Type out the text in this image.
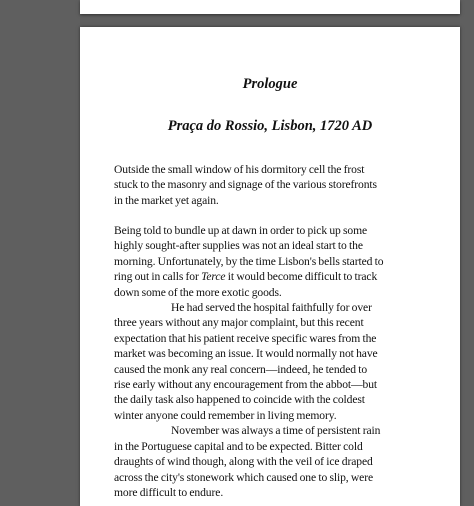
Prologue
Praça do Rossio, Lisbon, 1720 AD
Outside the small window of his dormitory cell the frost
stuck to the masonry and signage of the various storefronts
in the market yet again.
Being told to bundle up at dawn in order to pick up some
highly sought-after supplies was not an ideal start to the
morning. Unfortunately, by the time Lisbon's bells started to
ring out in calls for Terce it would become difficult to track
down some of the more exotic goods.
He had served the hospital faithfully for over
three years without any major complaint, but this recent
expectation that his patient receive specific wares from the
market was becoming an issue. It would normally not have
caused the monk any real concern—indeed, he tended to
rise early without any encouragement from the abbot—but
the daily task also happened to coincide with the coldest
winter anyone could remember in living memory.
November was always a time of persistent rain
in the Portuguese capital and to be expected. Bitter cold
draughts of wind though, along with the veil of ice draped
across the city's stonework which caused one to slip, were
more difficult to endure.
